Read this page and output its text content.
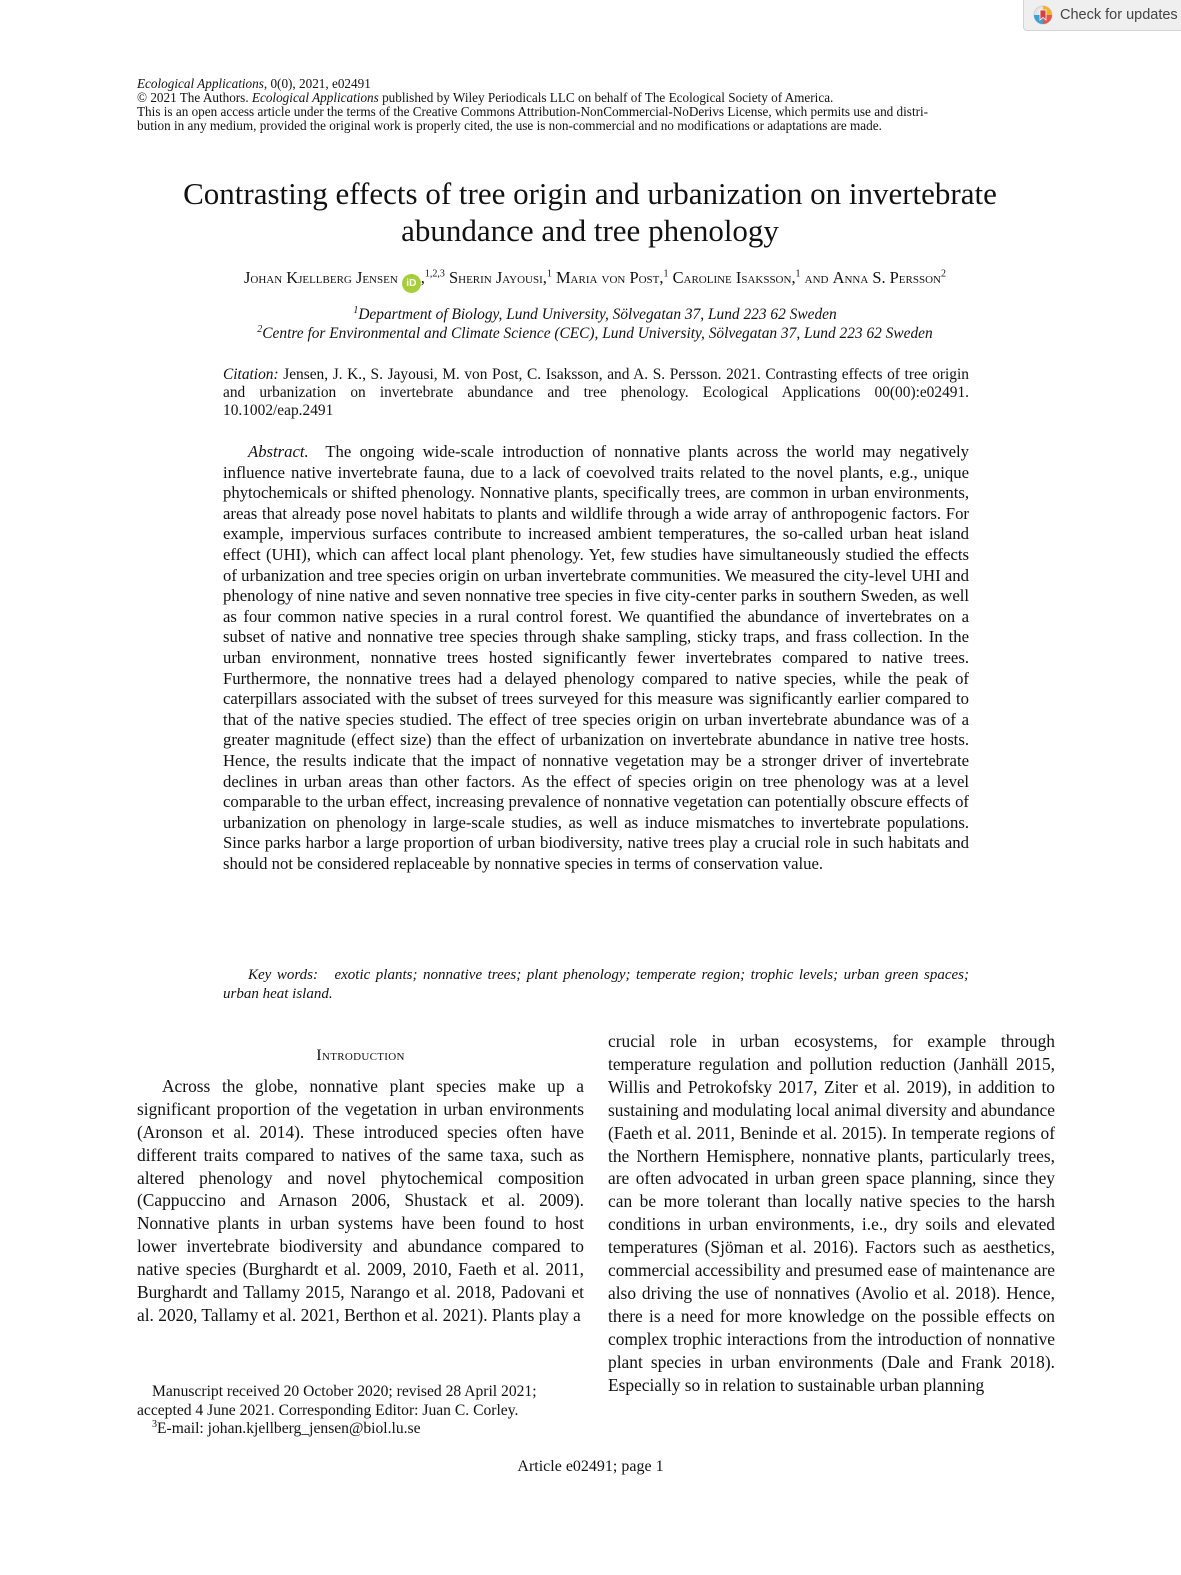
Check for updates
Ecological Applications, 0(0), 2021, e02491
© 2021 The Authors. Ecological Applications published by Wiley Periodicals LLC on behalf of The Ecological Society of America.
This is an open access article under the terms of the Creative Commons Attribution-NonCommercial-NoDerivs License, which permits use and distri-
bution in any medium, provided the original work is properly cited, the use is non-commercial and no modifications or adaptations are made.
Contrasting effects of tree origin and urbanization on invertebrate abundance and tree phenology
Johan Kjellberg Jensen iD ,$^{1,2,3}$ Sherin Jayousi,$^1$ Maria von Post,$^1$ Caroline Isaksson,$^1$ and Anna S. Persson$^2$
$^1$Department of Biology, Lund University, Sölvegatan 37, Lund 223 62 Sweden
$^2$Centre for Environmental and Climate Science (CEC), Lund University, Sölvegatan 37, Lund 223 62 Sweden
Citation: Jensen, J. K., S. Jayousi, M. von Post, C. Isaksson, and A. S. Persson. 2021. Contrasting effects of tree origin and urbanization on invertebrate abundance and tree phenology. Ecological Applications 00(00):e02491. 10.1002/eap.2491

Abstract. The ongoing wide-scale introduction of nonnative plants across the world may negatively influence native invertebrate fauna, due to a lack of coevolved traits related to the novel plants, e.g., unique phytochemicals or shifted phenology. Nonnative plants, specifically trees, are common in urban environments, areas that already pose novel habitats to plants and wildlife through a wide array of anthropogenic factors. For example, impervious surfaces contribute to increased ambient temperatures, the so-called urban heat island effect (UHI), which can affect local plant phenology. Yet, few studies have simultaneously studied the effects of urbanization and tree species origin on urban invertebrate communities. We measured the city-level UHI and phenology of nine native and seven nonnative tree species in five city-center parks in southern Sweden, as well as four common native species in a rural control forest. We quantified the abundance of invertebrates on a subset of native and nonnative tree species through shake sampling, sticky traps, and frass collection. In the urban environment, nonnative trees hosted significantly fewer invertebrates compared to native trees. Furthermore, the nonnative trees had a delayed phenology compared to native species, while the peak of caterpillars associated with the subset of trees surveyed for this measure was significantly earlier compared to that of the native species studied. The effect of tree species origin on urban invertebrate abundance was of a greater magnitude (effect size) than the effect of urbanization on invertebrate abundance in native tree hosts. Hence, the results indicate that the impact of nonnative vegetation may be a stronger driver of invertebrate declines in urban areas than other factors. As the effect of species origin on tree phenology was at a level comparable to the urban effect, increasing prevalence of nonnative vegetation can potentially obscure effects of urbanization on phenology in large-scale studies, as well as induce mismatches to invertebrate populations. Since parks harbor a large proportion of urban biodiversity, native trees play a crucial role in such habitats and should not be considered replaceable by nonnative species in terms of conservation value.

Key words: exotic plants; nonnative trees; plant phenology; temperate region; trophic levels; urban green spaces; urban heat island.

Introduction

Across the globe, nonnative plant species make up a significant proportion of the vegetation in urban environments (Aronson et al. 2014). These introduced species often have different traits compared to natives of the same taxa, such as altered phenology and novel phytochemical composition (Cappuccino and Arnason 2006, Shustack et al. 2009). Nonnative plants in urban systems have been found to host lower invertebrate biodiversity and abundance compared to native species (Burghardt et al. 2009, 2010, Faeth et al. 2011, Burghardt and Tallamy 2015, Narango et al. 2018, Padovani et al. 2020, Tallamy et al. 2021, Berthon et al. 2021). Plants play a

crucial role in urban ecosystems, for example through temperature regulation and pollution reduction (Janhäll 2015, Willis and Petrokofsky 2017, Ziter et al. 2019), in addition to sustaining and modulating local animal diversity and abundance (Faeth et al. 2011, Beninde et al. 2015). In temperate regions of the Northern Hemisphere, nonnative plants, particularly trees, are often advocated in urban green space planning, since they can be more tolerant than locally native species to the harsh conditions in urban environments, i.e., dry soils and elevated temperatures (Sjöman et al. 2016). Factors such as aesthetics, commercial accessibility and presumed ease of maintenance are also driving the use of nonnatives (Avolio et al. 2018). Hence, there is a need for more knowledge on the possible effects on complex trophic interactions from the introduction of nonnative plant species in urban environments (Dale and Frank 2018). Especially so in relation to sustainable urban planning

Manuscript received 20 October 2020; revised 28 April 2021;
accepted 4 June 2021. Corresponding Editor: Juan C. Corley.
$^3$E-mail: johan.kjellberg_jensen@biol.lu.se
Article e02491; page 1
